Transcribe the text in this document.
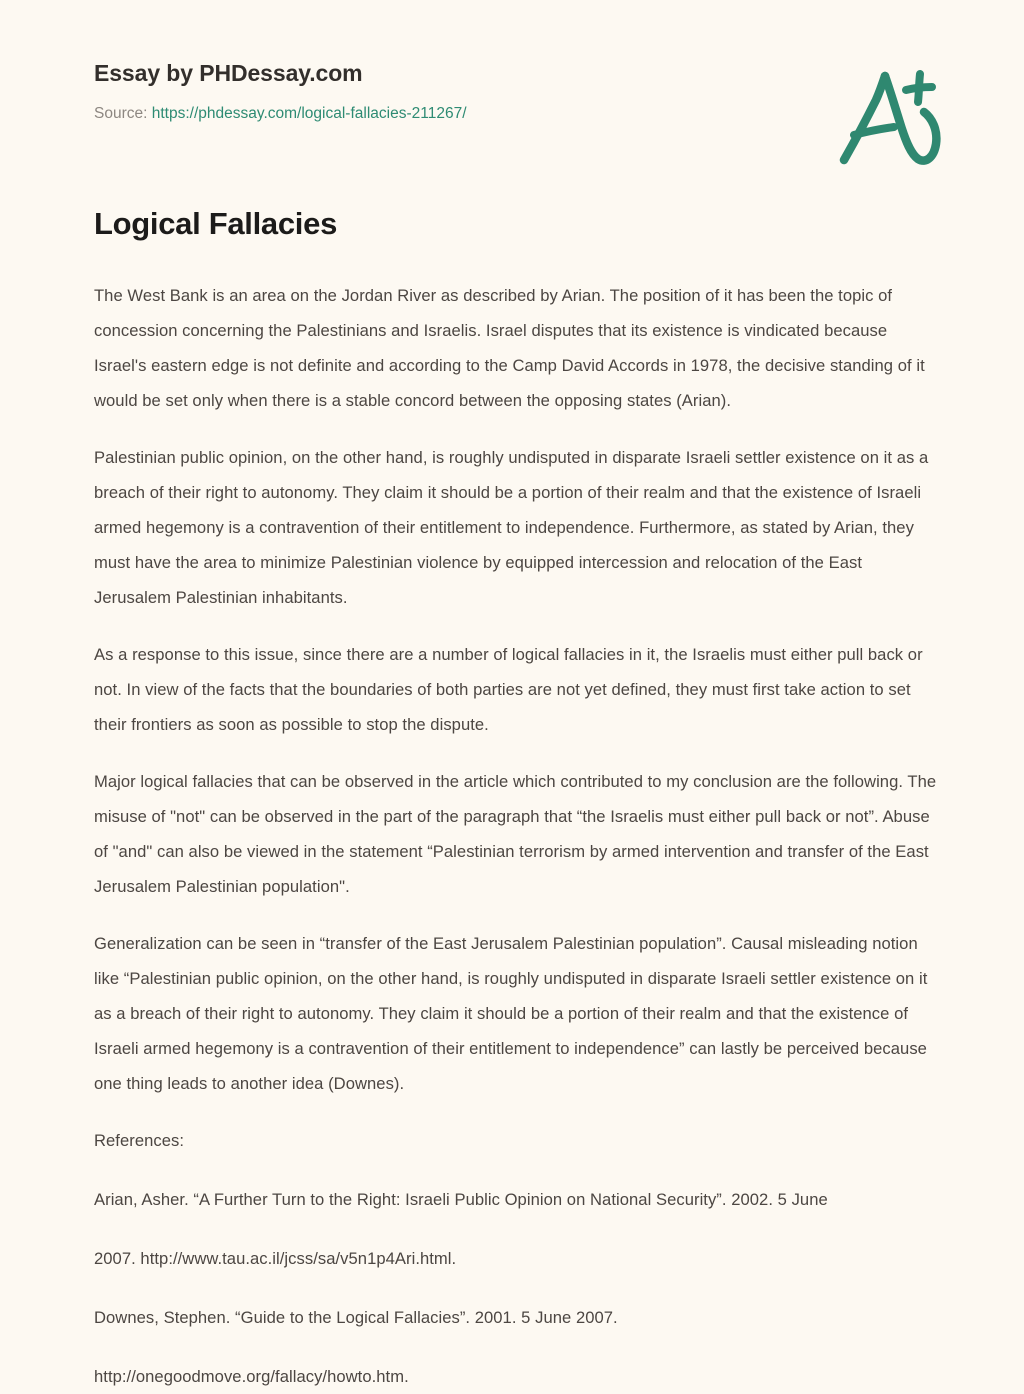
Essay by PHDessay.com
Source: https://phdessay.com/logical-fallacies-211267/
Logical Fallacies

The West Bank is an area on the Jordan River as described by Arian. The position of it has been the topic of concession concerning the Palestinians and Israelis. Israel disputes that its existence is vindicated because Israel's eastern edge is not definite and according to the Camp David Accords in 1978, the decisive standing of it would be set only when there is a stable concord between the opposing states (Arian).

Palestinian public opinion, on the other hand, is roughly undisputed in disparate Israeli settler existence on it as a breach of their right to autonomy. They claim it should be a portion of their realm and that the existence of Israeli armed hegemony is a contravention of their entitlement to independence. Furthermore, as stated by Arian, they must have the area to minimize Palestinian violence by equipped intercession and relocation of the East Jerusalem Palestinian inhabitants.

As a response to this issue, since there are a number of logical fallacies in it, the Israelis must either pull back or not. In view of the facts that the boundaries of both parties are not yet defined, they must first take action to set their frontiers as soon as possible to stop the dispute.

Major logical fallacies that can be observed in the article which contributed to my conclusion are the following. The misuse of "not" can be observed in the part of the paragraph that “the Israelis must either pull back or not”. Abuse of "and" can also be viewed in the statement “Palestinian terrorism by armed intervention and transfer of the East Jerusalem Palestinian population".

Generalization can be seen in “transfer of the East Jerusalem Palestinian population”. Causal misleading notion like “Palestinian public opinion, on the other hand, is roughly undisputed in disparate Israeli settler existence on it as a breach of their right to autonomy. They claim it should be a portion of their realm and that the existence of Israeli armed hegemony is a contravention of their entitlement to independence” can lastly be perceived because one thing leads to another idea (Downes).

References:

Arian, Asher. “A Further Turn to the Right: Israeli Public Opinion on National Security”. 2002. 5 June

2007. http://www.tau.ac.il/jcss/sa/v5n1p4Ari.html.

Downes, Stephen. “Guide to the Logical Fallacies”. 2001. 5 June 2007.

http://onegoodmove.org/fallacy/howto.htm.
